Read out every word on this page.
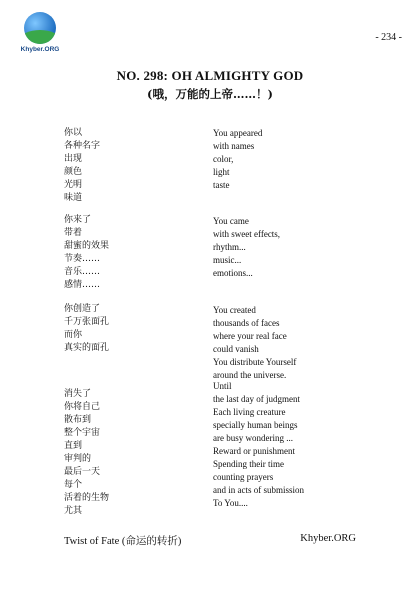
Khyber.ORG
- 234 -
NO. 298: OH ALMIGHTY GOD
(哦，万能的上帝……！)
你以
各种名字
出现
颜色
光明
味道
你来了
带着
甜蜜的效果
节奏……
音乐……
感情……
你创造了
千万张面孔
而你
真实的面孔
消失了
你将自己
散布到
整个宇宙
直到
审判的
最后一天
每个
活着的生物
尤其
You appeared
with names
color,
light
taste
You came
with sweet effects,
rhythm...
music...
emotions...
You created
thousands of faces
where your real face
could vanish
You distribute Yourself
around the universe.
Until
the last day of judgment
Each living creature
specially human beings
are busy wondering ...
Reward or punishment
Spending their time
counting prayers
and in acts of submission
To You....
Twist of Fate (命运的转折)	Khyber.ORG
